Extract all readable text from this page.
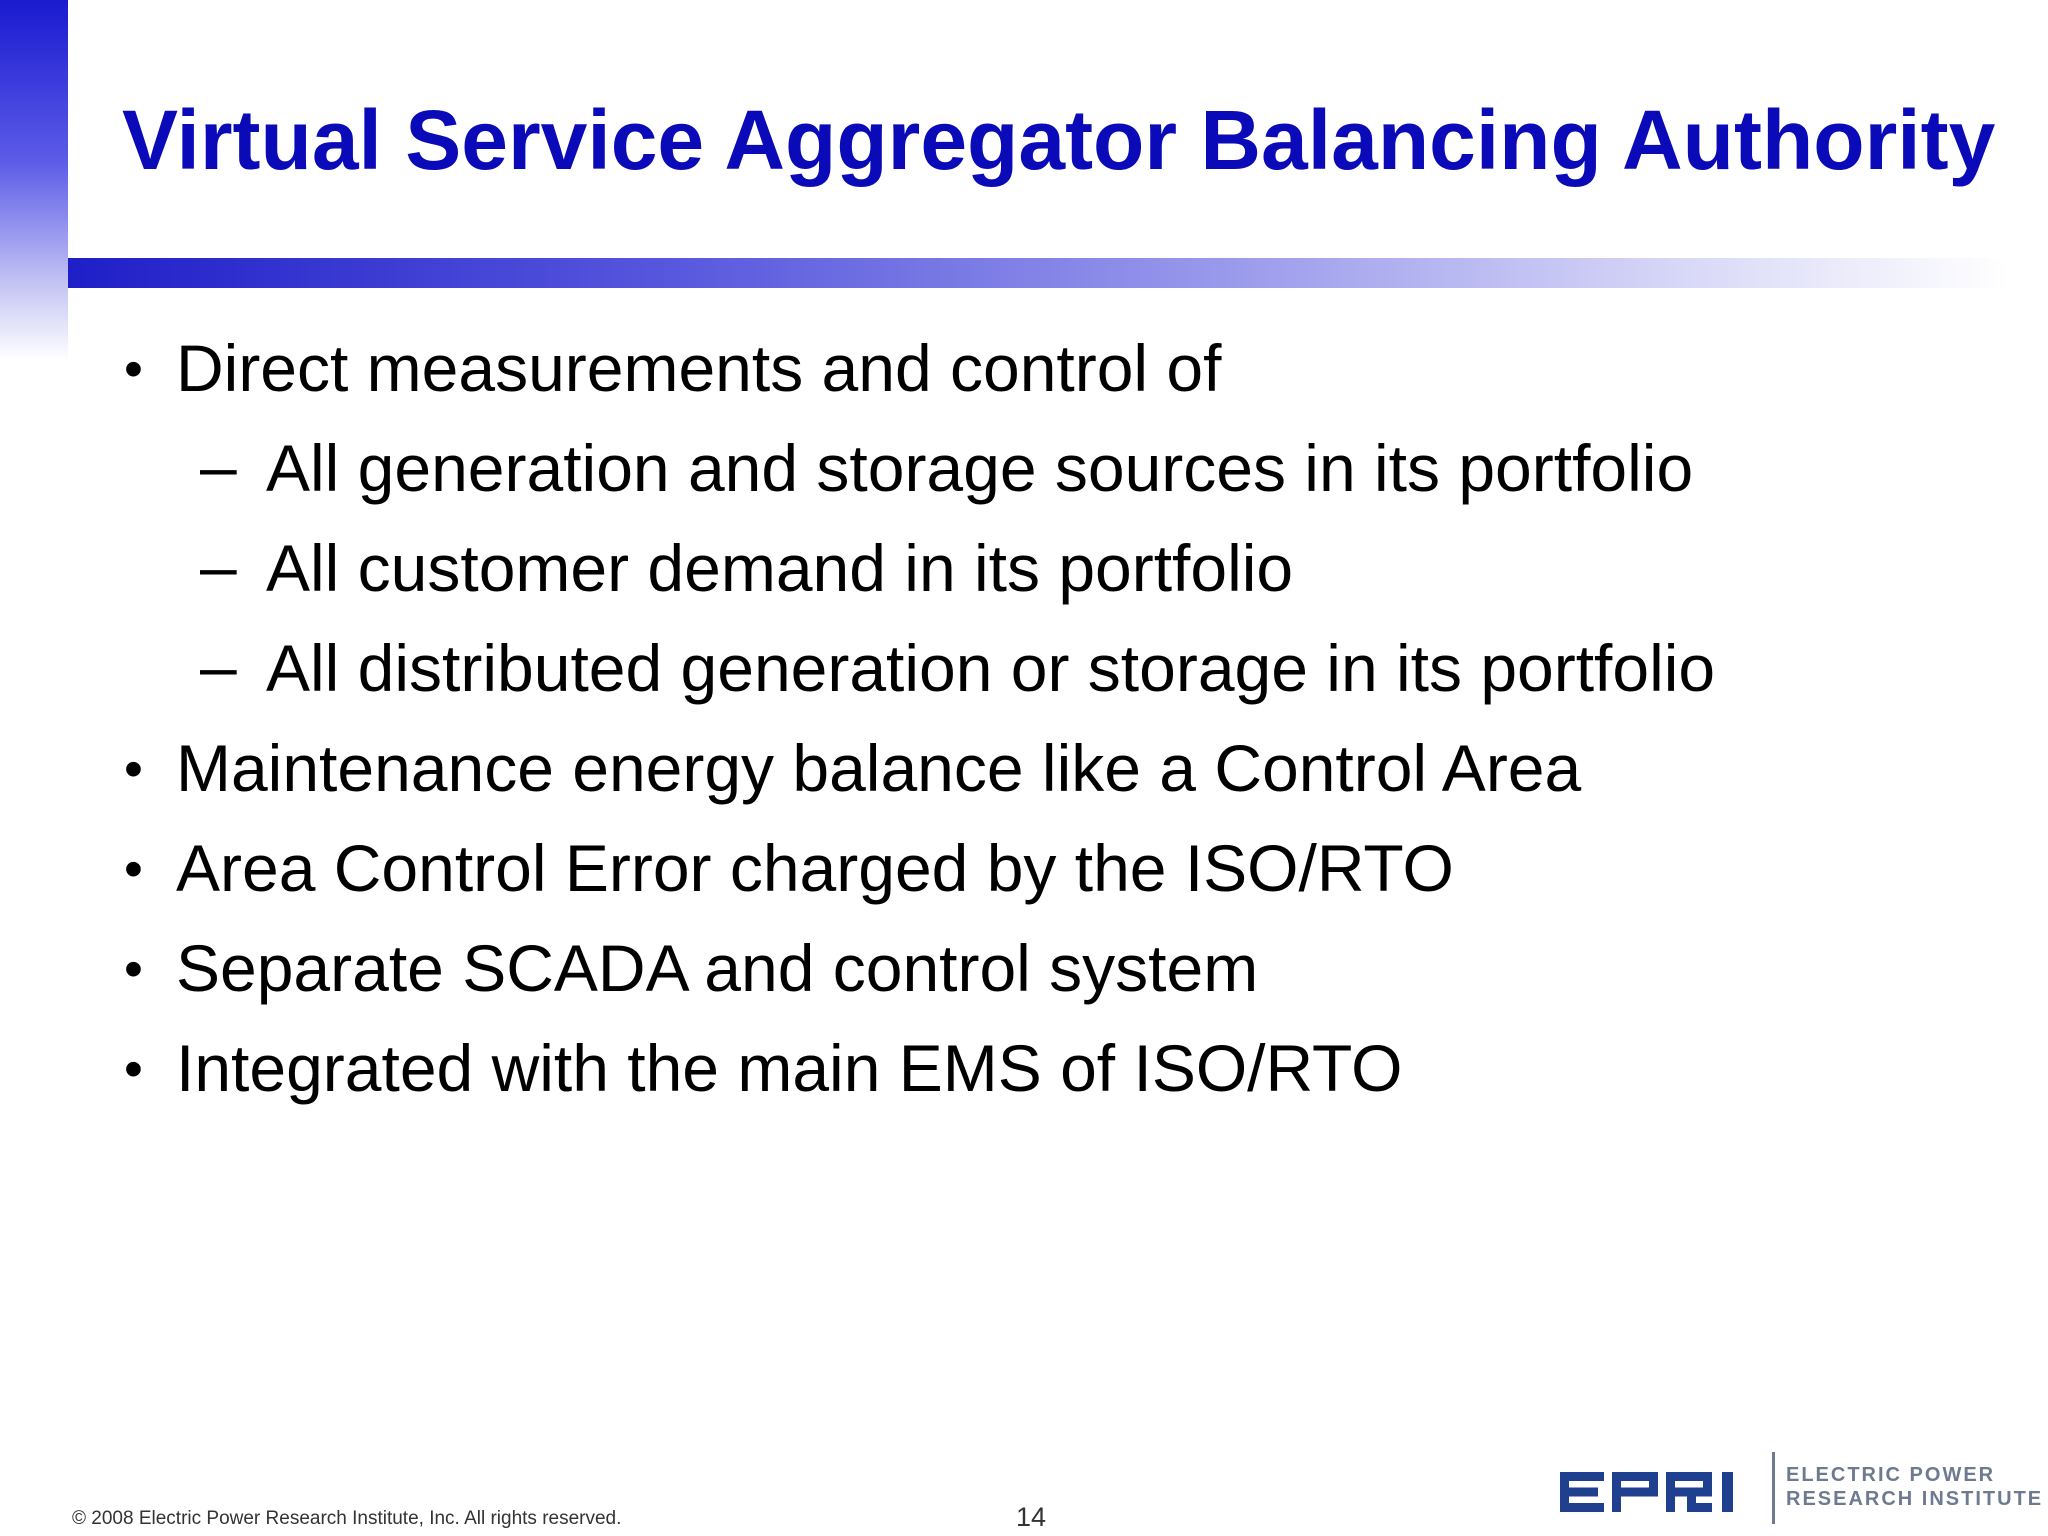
Virtual Service Aggregator Balancing Authority
• Direct measurements and control of
– All generation and storage sources in its portfolio
– All customer demand in its portfolio
– All distributed generation or storage in its portfolio
• Maintenance energy balance like a Control Area
• Area Control Error charged by the ISO/RTO
• Separate SCADA and control system
• Integrated with the main EMS of ISO/RTO
© 2008 Electric Power Research Institute, Inc. All rights reserved.	14
ELECTRIC POWER
RESEARCH INSTITUTE
